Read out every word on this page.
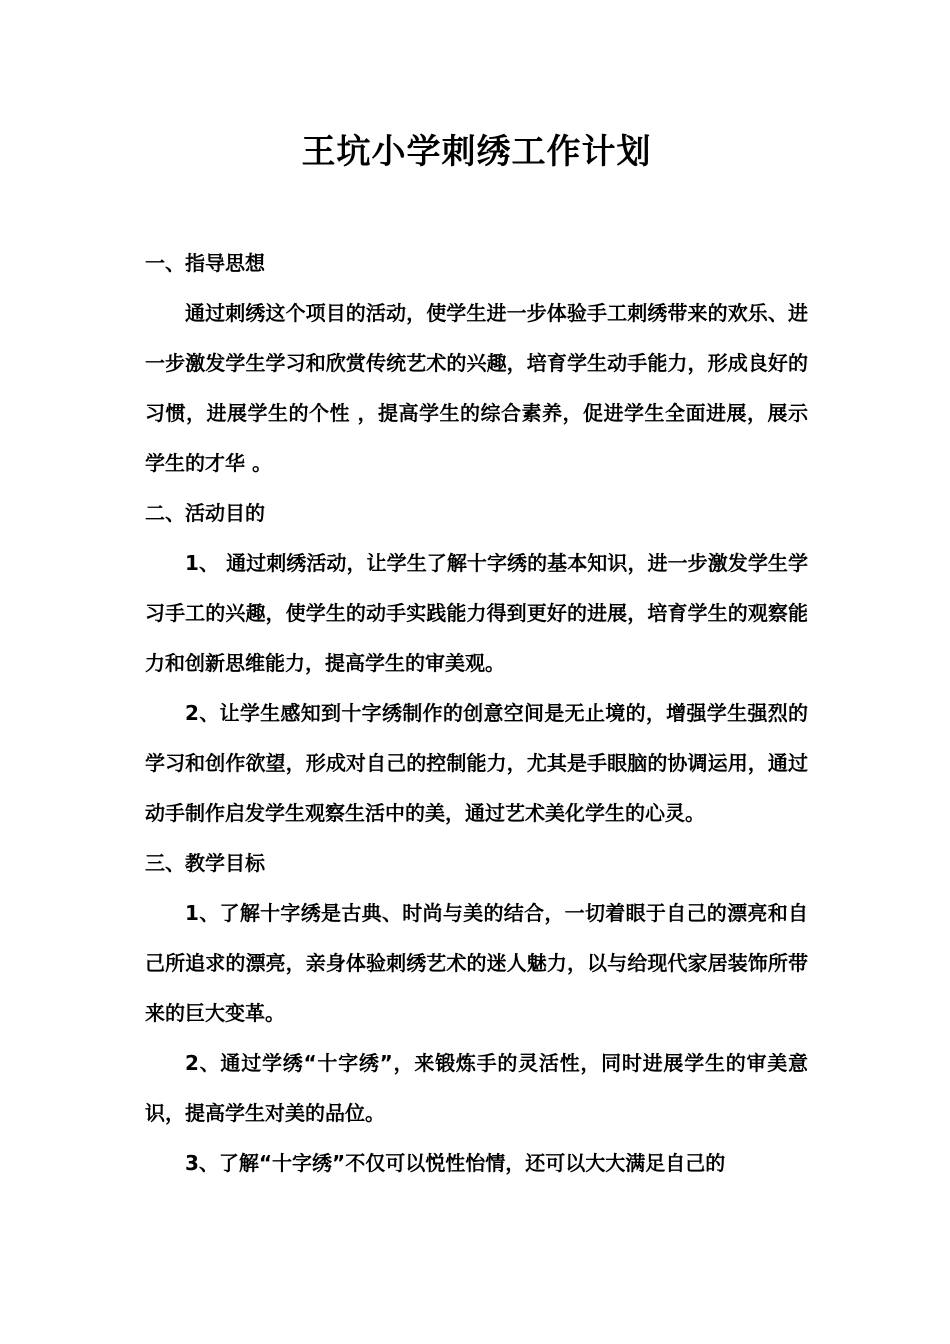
王坑小学刺绣工作计划

一、指导思想

通过刺绣这个项目的活动，使学生进一步体验手工刺绣带来的欢乐、进一步激发学生学习和欣赏传统艺术的兴趣，培育学生动手能力，形成良好的习惯，进展学生的个性 ，提高学生的综合素养，促进学生全面进展，展示学生的才华 。

二、活动目的

1、 通过刺绣活动，让学生了解十字绣的基本知识，进一步激发学生学习手工的兴趣，使学生的动手实践能力得到更好的进展，培育学生的观察能力和创新思维能力，提高学生的审美观。

2、让学生感知到十字绣制作的创意空间是无止境的，增强学生强烈的学习和创作欲望，形成对自己的控制能力，尤其是手眼脑的协调运用，通过动手制作启发学生观察生活中的美，通过艺术美化学生的心灵。

三、教学目标

1、了解十字绣是古典、时尚与美的结合，一切着眼于自己的漂亮和自己所追求的漂亮，亲身体验刺绣艺术的迷人魅力，以与给现代家居装饰所带来的巨大变革。

2、通过学绣“十字绣”，来锻炼手的灵活性，同时进展学生的审美意识，提高学生对美的品位。

3、了解“十字绣”不仅可以悦性怡情，还可以大大满足自己的
